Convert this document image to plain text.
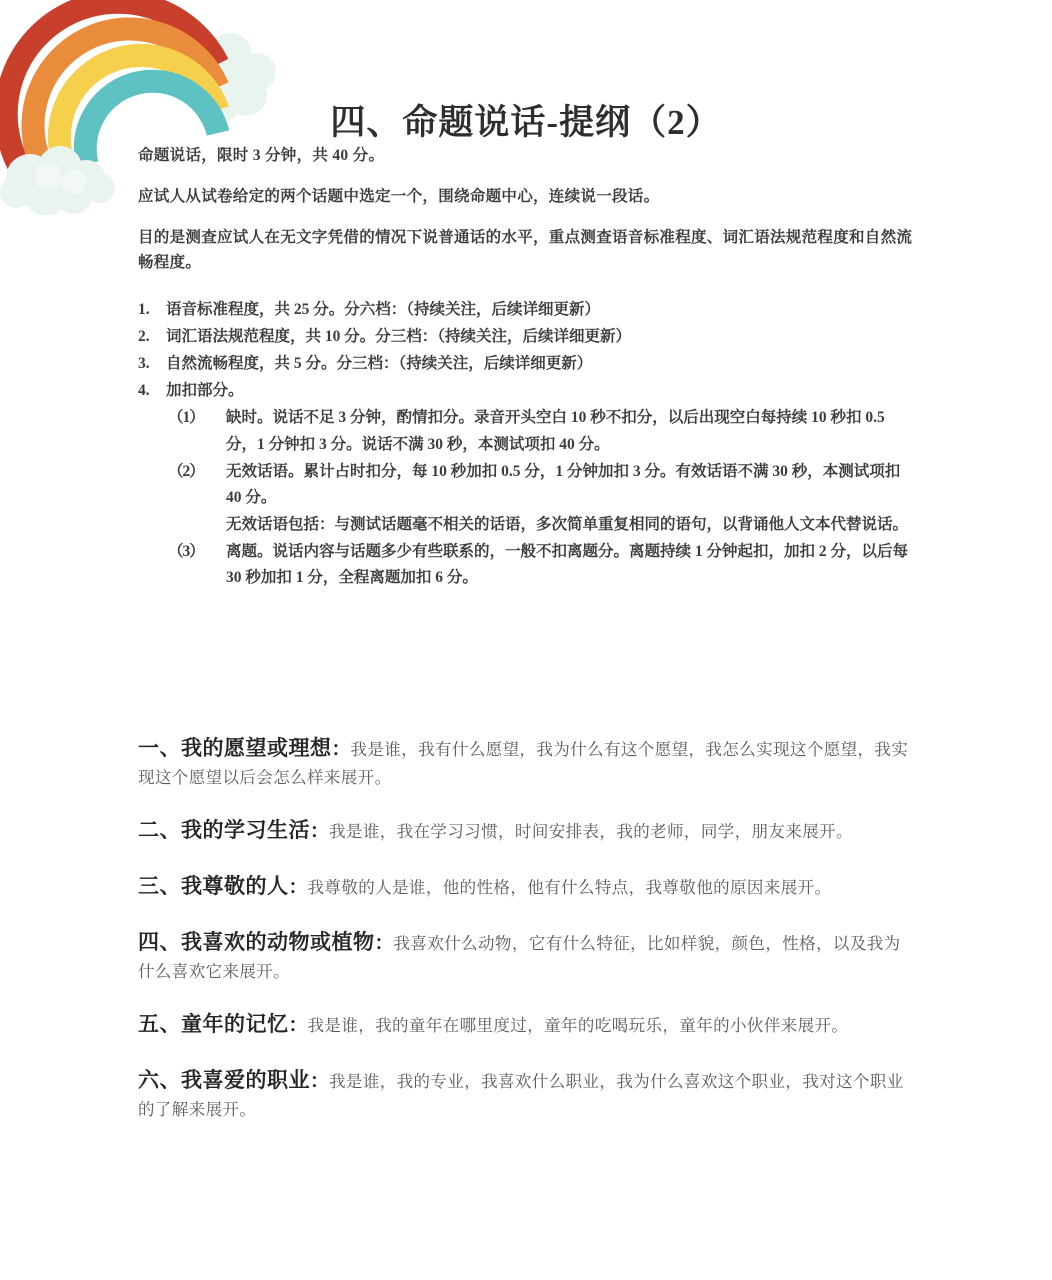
四、命题说话-提纲（2）

命题说话，限时 3 分钟，共 40 分。

应试人从试卷给定的两个话题中选定一个，围绕命题中心，连续说一段话。

目的是测查应试人在无文字凭借的情况下说普通话的水平，重点测查语音标准程度、词汇语法规范程度和自然流畅程度。

1.	语音标准程度，共 25 分。分六档：（持续关注，后续详细更新）
2.	词汇语法规范程度，共 10 分。分三档：（持续关注，后续详细更新）
3.	自然流畅程度，共 5 分。分三档：（持续关注，后续详细更新）
4.	加扣部分。
（1）	缺时。说话不足 3 分钟，酌情扣分。录音开头空白 10 秒不扣分，以后出现空白每持续 10 秒扣 0.5 分，1 分钟扣 3 分。说话不满 30 秒，本测试项扣 40 分。

（2）	无效话语。累计占时扣分，每 10 秒加扣 0.5 分，1 分钟加扣 3 分。有效话语不满 30 秒，本测试项扣 40 分。

无效话语包括：与测试话题毫不相关的话语，多次简单重复相同的语句，以背诵他人文本代替说话。

（3）	离题。说话内容与话题多少有些联系的，一般不扣离题分。离题持续 1 分钟起扣，加扣 2 分，以后每 30 秒加扣 1 分，全程离题加扣 6 分。

一、我的愿望或理想：我是谁，我有什么愿望，我为什么有这个愿望，我怎么实现这个愿望，我实现这个愿望以后会怎么样来展开。
二、我的学习生活：我是谁，我在学习习惯，时间安排表，我的老师，同学，朋友来展开。
三、我尊敬的人：我尊敬的人是谁，他的性格，他有什么特点，我尊敬他的原因来展开。
四、我喜欢的动物或植物：我喜欢什么动物，它有什么特征，比如样貌，颜色，性格，以及我为什么喜欢它来展开。
五、童年的记忆：我是谁，我的童年在哪里度过，童年的吃喝玩乐，童年的小伙伴来展开。
六、我喜爱的职业：我是谁，我的专业，我喜欢什么职业，我为什么喜欢这个职业，我对这个职业的了解来展开。
